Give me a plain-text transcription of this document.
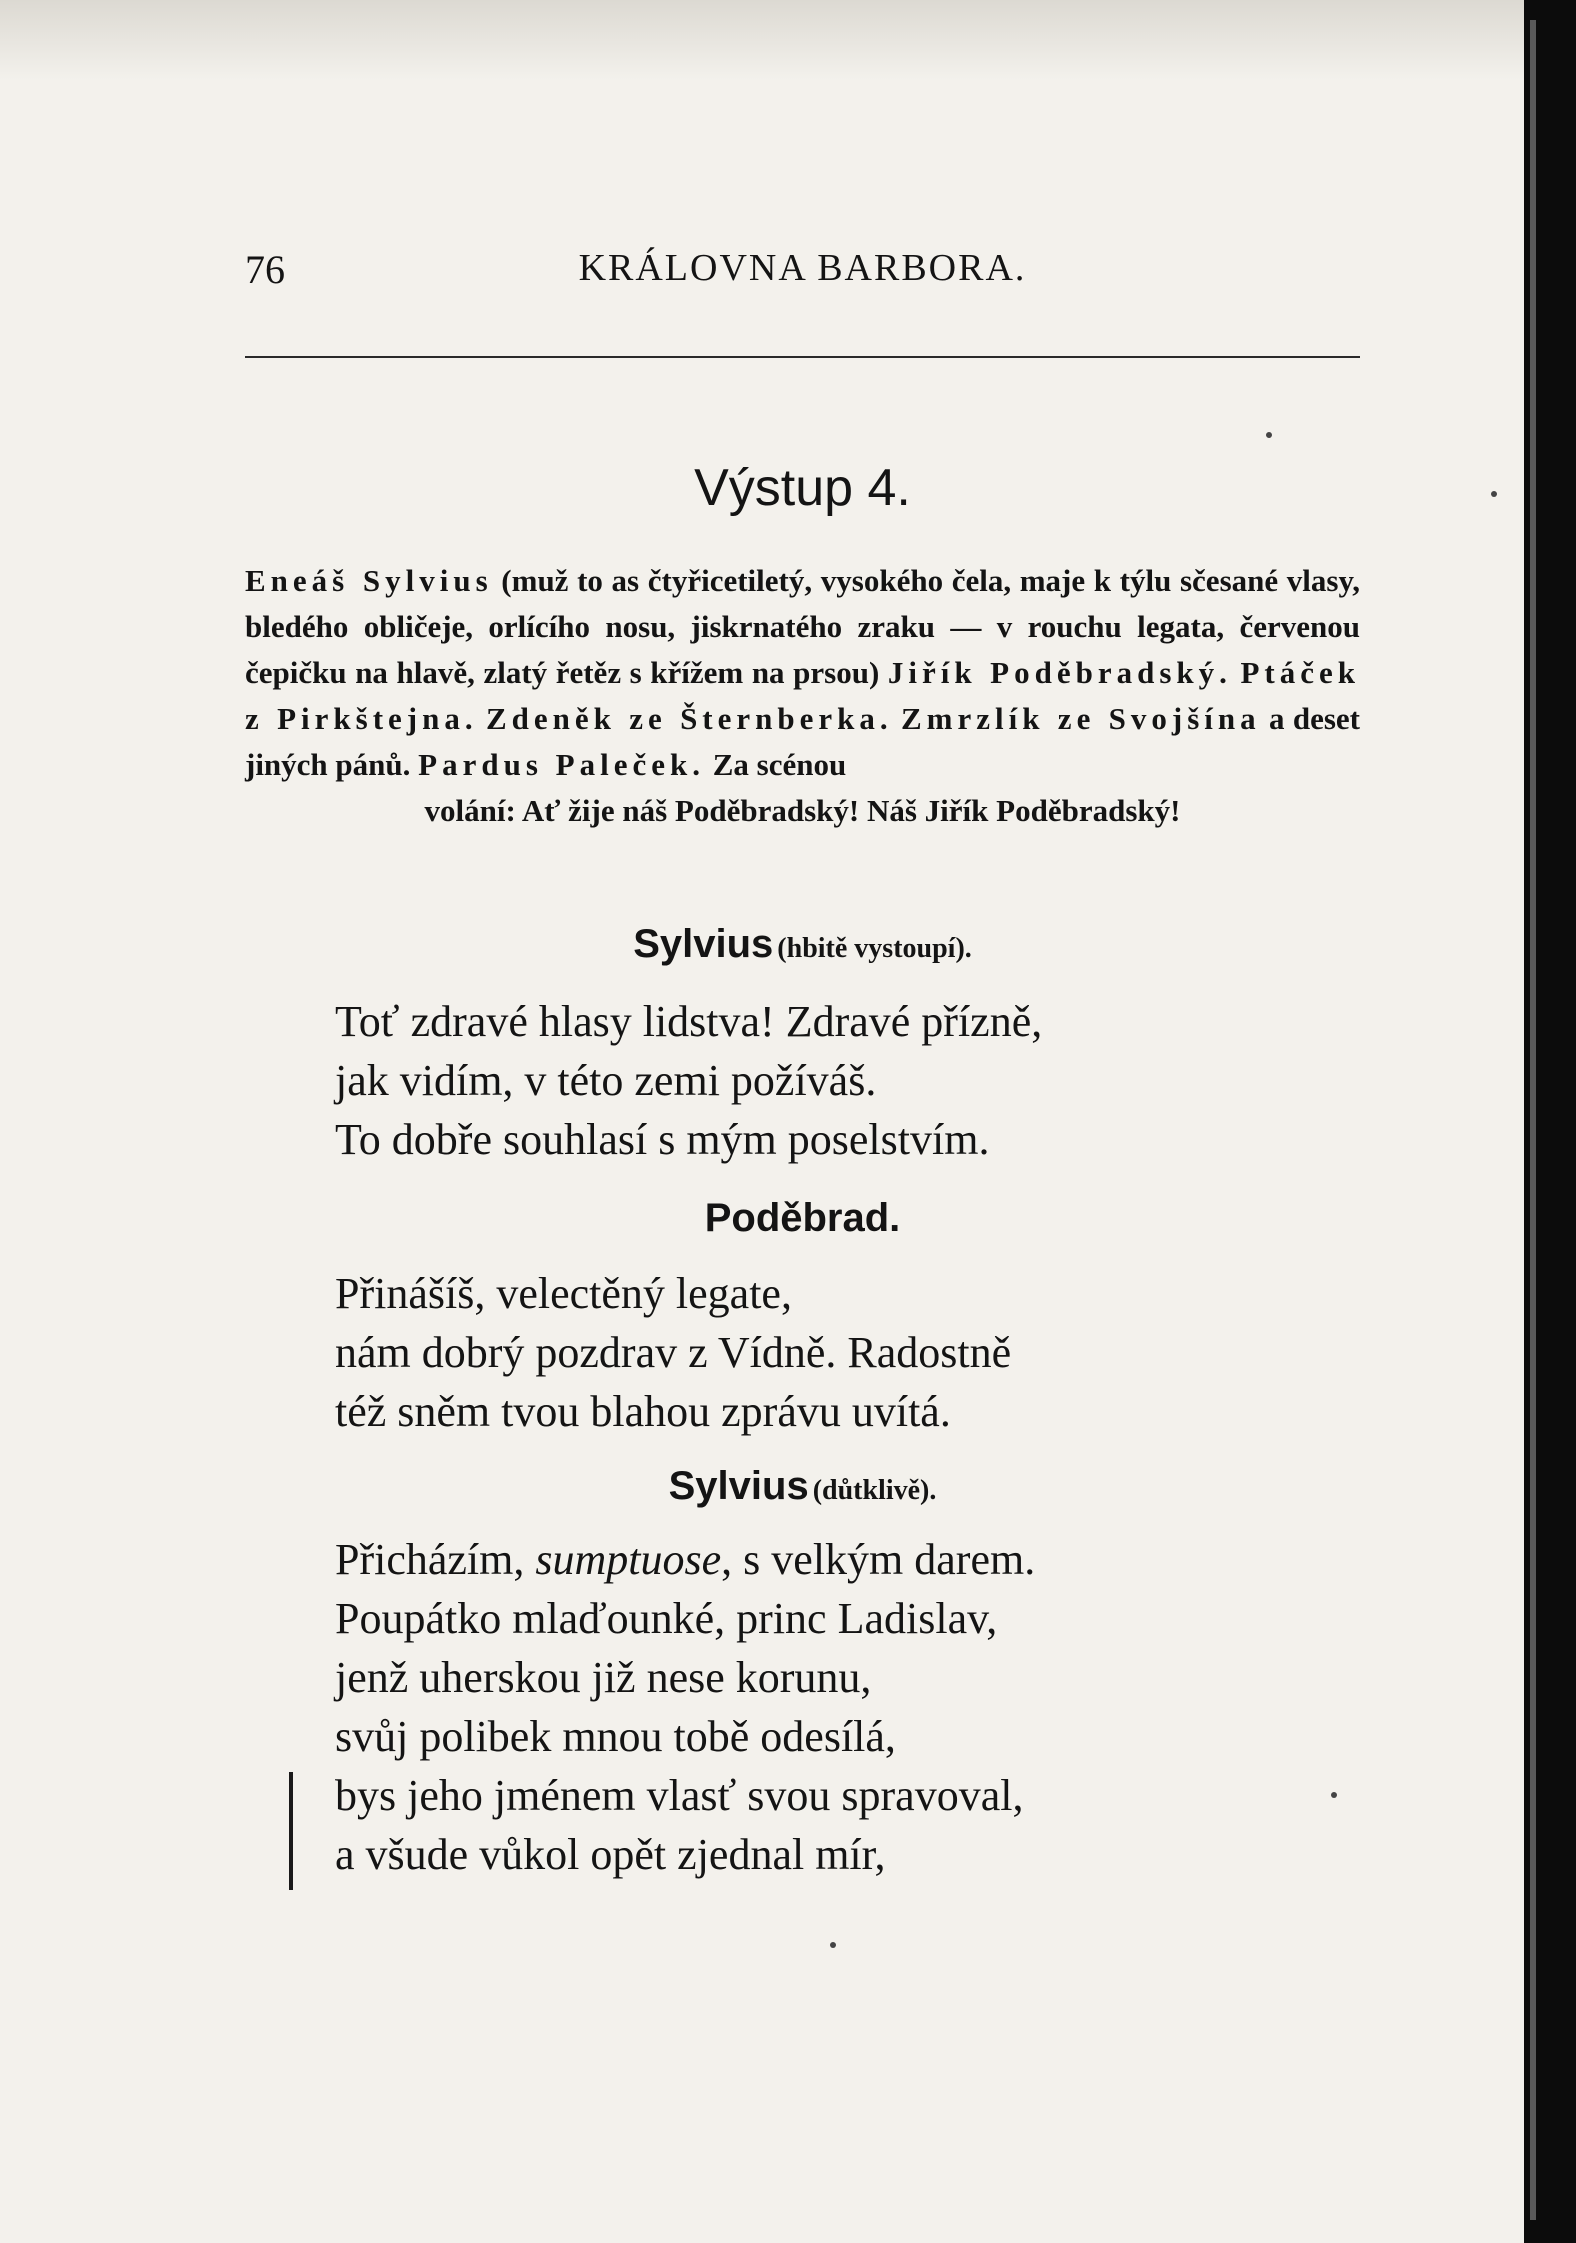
76	KRÁLOVNA BARBORA.
Výstup 4.

Eneáš Sylvius (muž to as čtyřicetiletý, vysokého čela, maje k týlu sčesané vlasy, bledého obličeje, orlícího nosu, jiskrnatého zraku — v rouchu legata, červenou čepičku na hlavě, zlatý řetěz s křížem na prsou) Jiřík Poděbradský. Ptáček z Pirkštejna. Zdeněk ze Šternberka. Zmrzlík ze Svojšína a deset jiných pánů. Pardus Paleček. Za scénou
volání: Ať žije náš Poděbradský! Náš Jiřík Poděbradský!

Sylvius (hbitě vystoupí).
Toť zdravé hlasy lidstva! Zdravé přízně,
jak vidím, v této zemi požíváš.
To dobře souhlasí s mým poselstvím.
Poděbrad.
Přinášíš, velectěný legate,
nám dobrý pozdrav z Vídně. Radostně
též sněm tvou blahou zprávu uvítá.
Sylvius (důtklivě).
Přicházím, sumptuose, s velkým darem.
Poupátko mlaďounké, princ Ladislav,
jenž uherskou již nese korunu,
svůj polibek mnou tobě odesílá,
bys jeho jménem vlasť svou spravoval,
a všude vůkol opět zjednal mír,
